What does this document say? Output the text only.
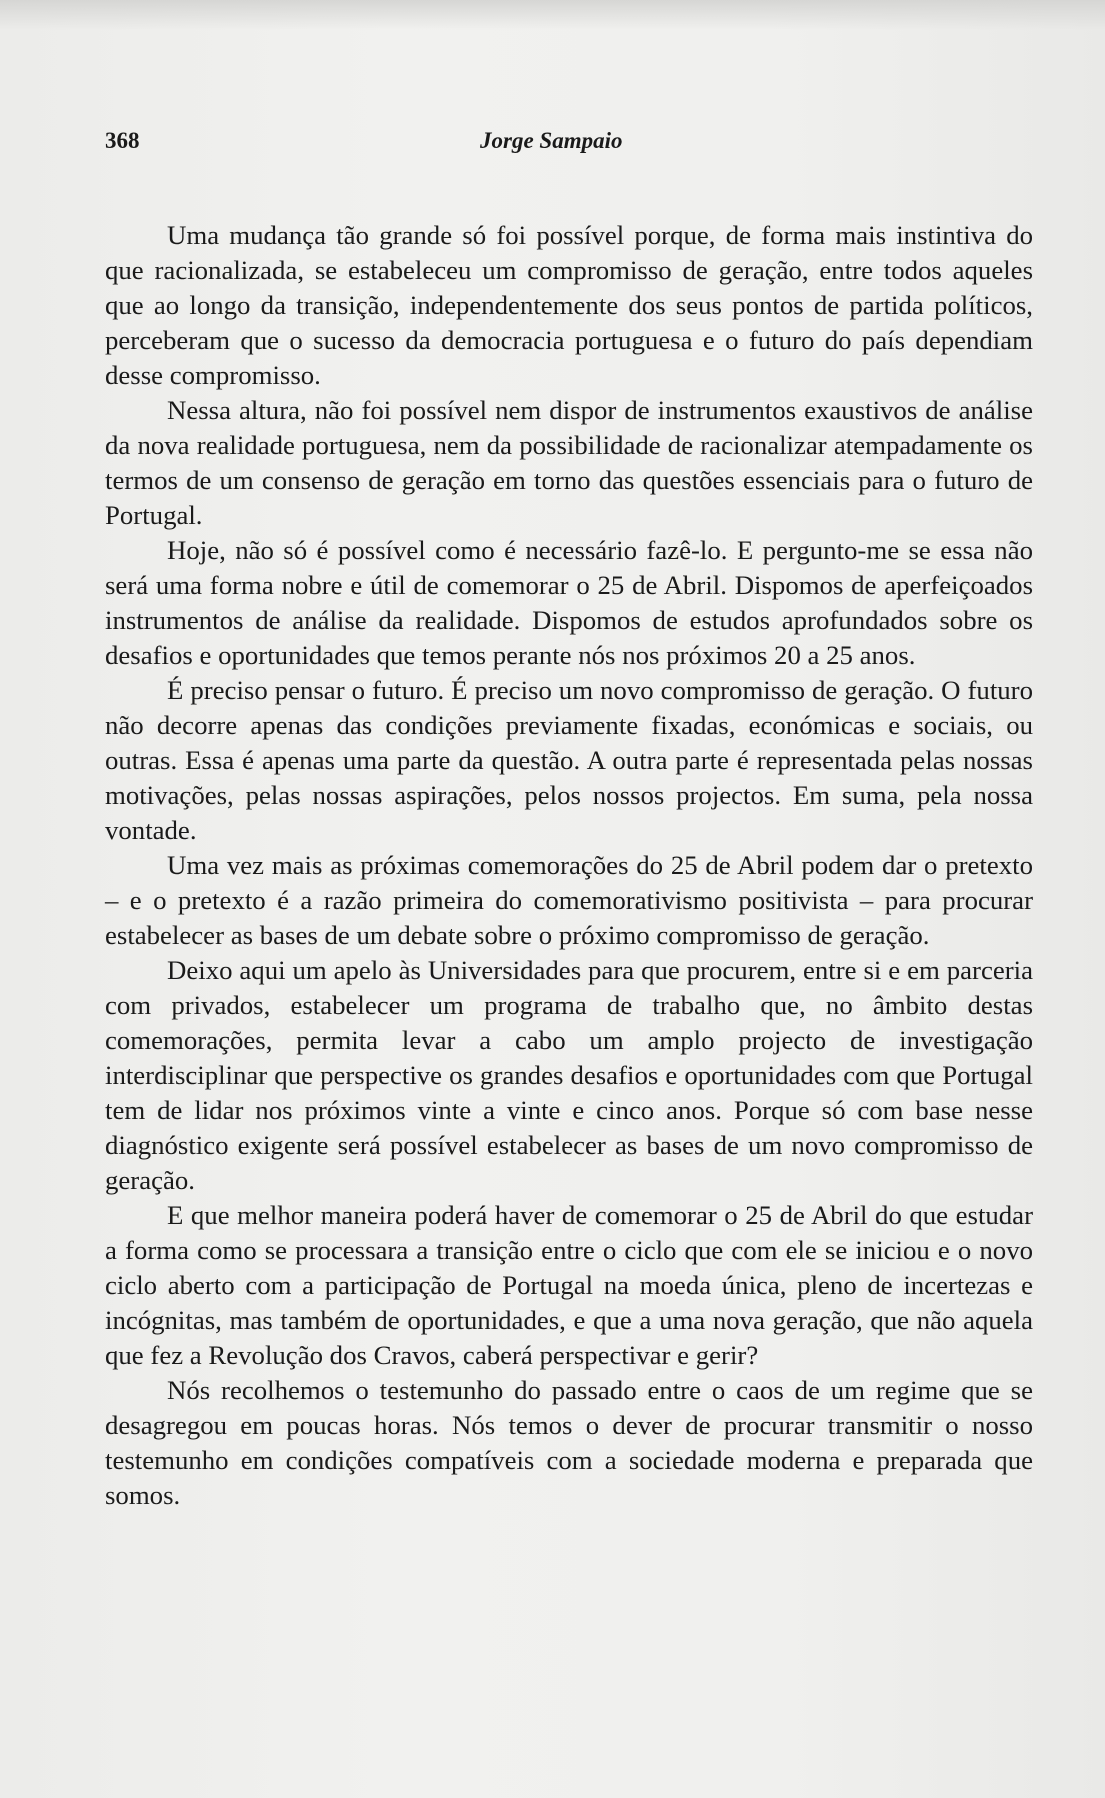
368	Jorge Sampaio

Uma mudança tão grande só foi possível porque, de forma mais instintiva do que racionalizada, se estabeleceu um compromisso de geração, entre todos aqueles que ao longo da transição, independentemente dos seus pontos de partida políticos, perceberam que o sucesso da democracia portuguesa e o futuro do país dependiam desse compromisso.

Nessa altura, não foi possível nem dispor de instrumentos exaustivos de análise da nova realidade portuguesa, nem da possibilidade de racionalizar atempadamente os termos de um consenso de geração em torno das questões essenciais para o futuro de Portugal.

Hoje, não só é possível como é necessário fazê-lo. E pergunto-me se essa não será uma forma nobre e útil de comemorar o 25 de Abril. Dispomos de aperfeiçoados instrumentos de análise da realidade. Dispomos de estudos aprofundados sobre os desafios e oportunidades que temos perante nós nos próximos 20 a 25 anos.

É preciso pensar o futuro. É preciso um novo compromisso de geração. O futuro não decorre apenas das condições previamente fixadas, económicas e sociais, ou outras. Essa é apenas uma parte da questão. A outra parte é representada pelas nossas motivações, pelas nossas aspirações, pelos nossos projectos. Em suma, pela nossa vontade.

Uma vez mais as próximas comemorações do 25 de Abril podem dar o pretexto – e o pretexto é a razão primeira do comemorativismo positivista – para procurar estabelecer as bases de um debate sobre o próximo compromisso de geração.

Deixo aqui um apelo às Universidades para que procurem, entre si e em parceria com privados, estabelecer um programa de trabalho que, no âmbito destas comemorações, permita levar a cabo um amplo projecto de investigação interdisciplinar que perspective os grandes desafios e oportunidades com que Portugal tem de lidar nos próximos vinte a vinte e cinco anos. Porque só com base nesse diagnóstico exigente será possível estabelecer as bases de um novo compromisso de geração.

E que melhor maneira poderá haver de comemorar o 25 de Abril do que estudar a forma como se processara a transição entre o ciclo que com ele se iniciou e o novo ciclo aberto com a participação de Portugal na moeda única, pleno de incertezas e incógnitas, mas também de oportunidades, e que a uma nova geração, que não aquela que fez a Revolução dos Cravos, caberá perspectivar e gerir?

Nós recolhemos o testemunho do passado entre o caos de um regime que se desagregou em poucas horas. Nós temos o dever de procurar transmitir o nosso testemunho em condições compatíveis com a sociedade moderna e preparada que somos.
